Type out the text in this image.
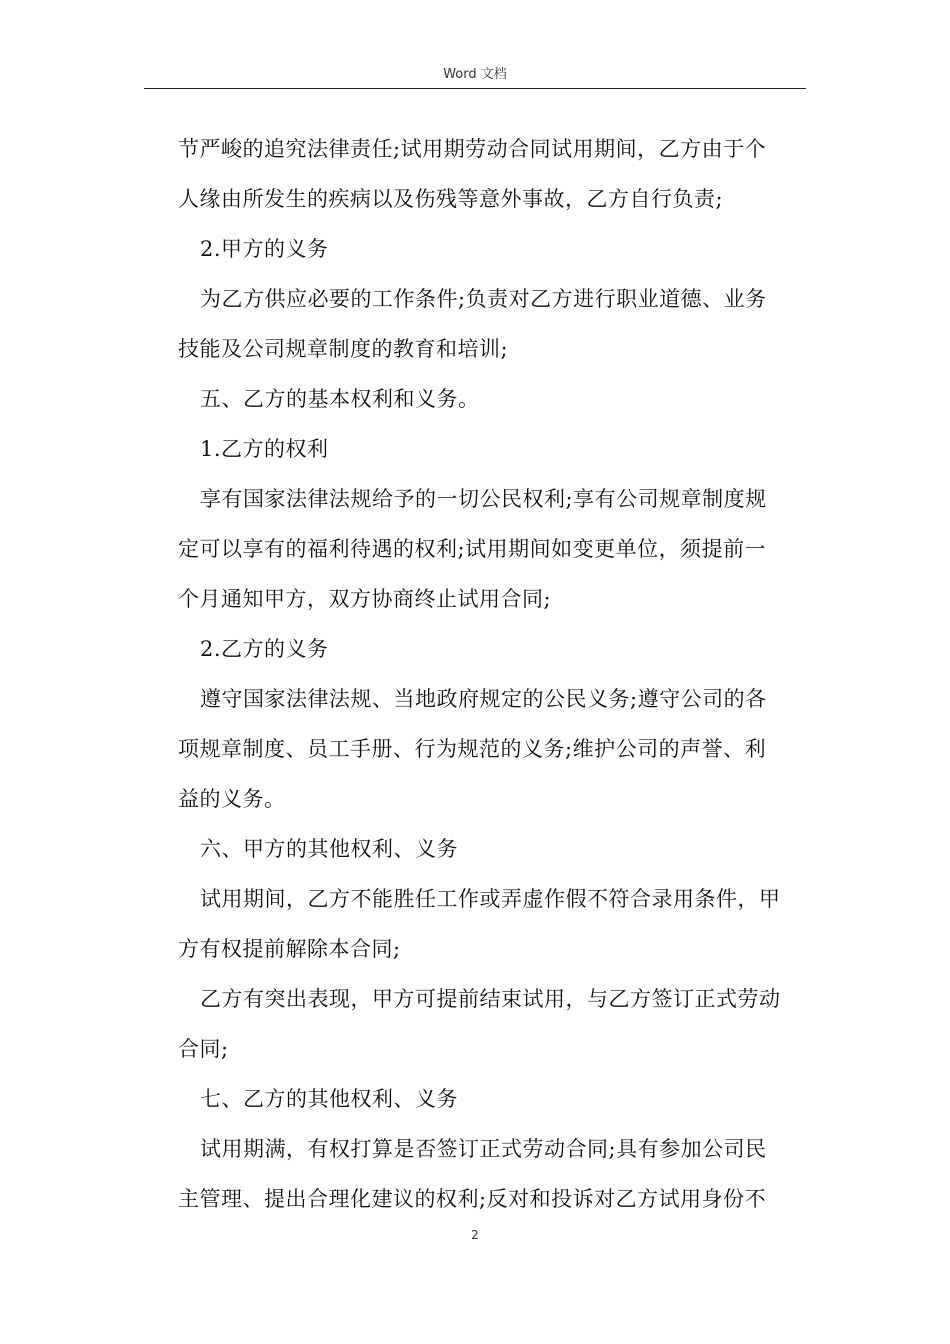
Word 文档
节严峻的追究法律责任;试用期劳动合同试用期间，乙方由于个
人缘由所发生的疾病以及伤残等意外事故，乙方自行负责;
2.甲方的义务
为乙方供应必要的工作条件;负责对乙方进行职业道德、业务
技能及公司规章制度的教育和培训;
五、乙方的基本权利和义务。
1.乙方的权利
享有国家法律法规给予的一切公民权利;享有公司规章制度规
定可以享有的福利待遇的权利;试用期间如变更单位，须提前一
个月通知甲方，双方协商终止试用合同;
2.乙方的义务
遵守国家法律法规、当地政府规定的公民义务;遵守公司的各
项规章制度、员工手册、行为规范的义务;维护公司的声誉、利
益的义务。
六、甲方的其他权利、义务
试用期间，乙方不能胜任工作或弄虚作假不符合录用条件，甲
方有权提前解除本合同;
乙方有突出表现，甲方可提前结束试用，与乙方签订正式劳动
合同;
七、乙方的其他权利、义务
试用期满，有权打算是否签订正式劳动合同;具有参加公司民
主管理、提出合理化建议的权利;反对和投诉对乙方试用身份不
2
